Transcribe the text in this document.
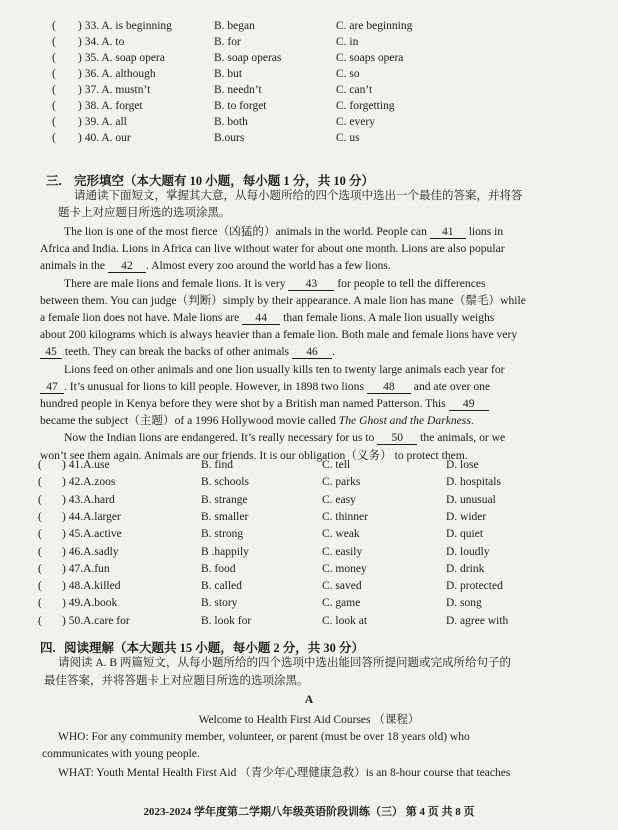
( ) 33. A. is beginning	B. began	C. are beginning
( ) 34. A. to	B. for	C. in
( ) 35. A. soap opera	B. soap operas	C. soaps opera
( ) 36. A. although	B. but	C. so
( ) 37. A. mustn’t	B. needn’t	C. can’t
( ) 38. A. forget	B. to forget	C. forgetting
( ) 39. A. all	B. both	C. every
( ) 40. A. our	B.ours	C. us
三. 完形填空（本大题有 10 小题，每小题 1 分，共 10 分）
请通读下面短文，掌握其大意，从每小题所给的四个选项中选出一个最佳的答案，并将答
题卡上对应题目所选的选项涂黑。
The lion is one of the most fierce（凶猛的）animals in the world. People can 41 lions in
Africa and India. Lions in Africa can live without water for about one month. Lions are also popular
animals in the 42 . Almost every zoo around the world has a few lions.
There are male lions and female lions. It is very 43 for people to tell the differences
between them. You can judge（判断）simply by their appearance. A male lion has mane（鬃毛）while
a female lion does not have. Male lions are 44 than female lions. A male lion usually weighs
about 200 kilograms which is always heavier than a female lion. Both male and female lions have very
45 teeth. They can break the backs of other animals 46 .
Lions feed on other animals and one lion usually kills ten to twenty large animals each year for
47 . It’s unusual for lions to kill people. However, in 1898 two lions 48 and ate over one
hundred people in Kenya before they were shot by a British man named Patterson. This 49
became the subject（主题）of a 1996 Hollywood movie called The Ghost and the Darkness.
Now the Indian lions are endangered. It’s really necessary for us to 50 the animals, or we
won’t see them again. Animals are our friends. It is our obligation（义务） to protect them.
( ) 41.A.use	B. find	C. tell	D. lose
( ) 42.A.zoos	B. schools	C. parks	D. hospitals
( ) 43.A.hard	B. strange	C. easy	D. unusual
( ) 44.A.larger	B. smaller	C. thinner	D. wider
( ) 45.A.active	B. strong	C. weak	D. quiet
( ) 46.A.sadly	B .happily	C. easily	D. loudly
( ) 47.A.fun	B. food	C. money	D. drink
( ) 48.A.killed	B. called	C. saved	D. protected
( ) 49.A.book	B. story	C. game	D. song
( ) 50.A.care for	B. look for	C. look at	D. agree with
四. 阅读理解（本大题共 15 小题，每小题 2 分，共 30 分）
请阅读 A. B 两篇短文，从每小题所给的四个选项中选出能回答所提问题或完成所给句子的
最佳答案，并将答题卡上对应题目所选的选项涂黑。
A
Welcome to Health First Aid Courses （课程）
WHO: For any community member, volunteer, or parent (must be over 18 years old) who
communicates with young people.
WHAT: Youth Mental Health First Aid （青少年心理健康急救）is an 8-hour course that teaches
2023-2024 学年度第二学期八年级英语阶段训练（三） 第 4 页 共 8 页
